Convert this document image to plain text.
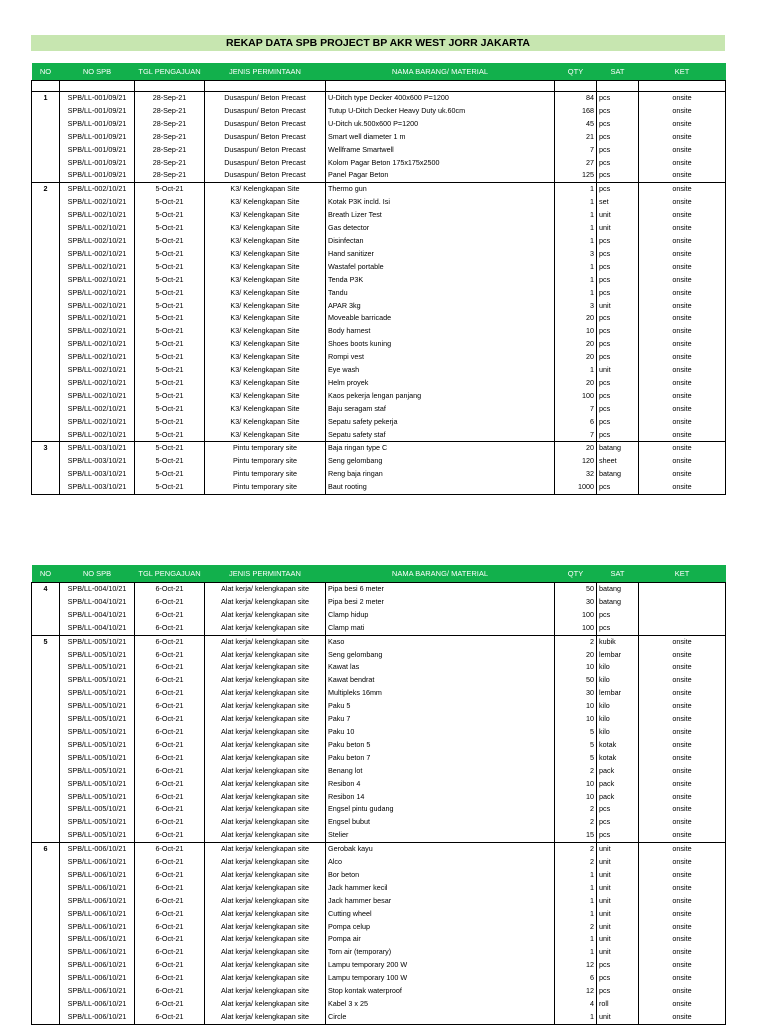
REKAP DATA SPB PROJECT BP AKR WEST JORR JAKARTA
NO	NO SPB	TGL PENGAJUAN	JENIS PERMINTAAN	NAMA BARANG/ MATERIAL	QTY	SAT	KET

1	SPB/LL-001/09/21	28-Sep-21	Dusaspun/ Beton Precast	U-Ditch type Decker 400x600 P=1200	84	pcs	onsite
	SPB/LL-001/09/21	28-Sep-21	Dusaspun/ Beton Precast	Tutup U-Ditch Decker Heavy Duty uk.60cm	168	pcs	onsite
	SPB/LL-001/09/21	28-Sep-21	Dusaspun/ Beton Precast	U-Ditch uk.500x600 P=1200	45	pcs	onsite
	SPB/LL-001/09/21	28-Sep-21	Dusaspun/ Beton Precast	Smart well diameter 1 m	21	pcs	onsite
	SPB/LL-001/09/21	28-Sep-21	Dusaspun/ Beton Precast	Wellframe Smartwell	7	pcs	onsite
	SPB/LL-001/09/21	28-Sep-21	Dusaspun/ Beton Precast	Kolom Pagar Beton 175x175x2500	27	pcs	onsite
	SPB/LL-001/09/21	28-Sep-21	Dusaspun/ Beton Precast	Panel Pagar Beton	125	pcs	onsite
2	SPB/LL-002/10/21	5-Oct-21	K3/ Kelengkapan Site	Thermo gun	1	pcs	onsite
	SPB/LL-002/10/21	5-Oct-21	K3/ Kelengkapan Site	Kotak P3K incld. Isi	1	set	onsite
	SPB/LL-002/10/21	5-Oct-21	K3/ Kelengkapan Site	Breath Lizer Test	1	unit	onsite
	SPB/LL-002/10/21	5-Oct-21	K3/ Kelengkapan Site	Gas detector	1	unit	onsite
	SPB/LL-002/10/21	5-Oct-21	K3/ Kelengkapan Site	Disinfectan	1	pcs	onsite
	SPB/LL-002/10/21	5-Oct-21	K3/ Kelengkapan Site	Hand sanitizer	3	pcs	onsite
	SPB/LL-002/10/21	5-Oct-21	K3/ Kelengkapan Site	Wastafel portable	1	pcs	onsite
	SPB/LL-002/10/21	5-Oct-21	K3/ Kelengkapan Site	Tenda P3K	1	pcs	onsite
	SPB/LL-002/10/21	5-Oct-21	K3/ Kelengkapan Site	Tandu	1	pcs	onsite
	SPB/LL-002/10/21	5-Oct-21	K3/ Kelengkapan Site	APAR 3kg	3	unit	onsite
	SPB/LL-002/10/21	5-Oct-21	K3/ Kelengkapan Site	Moveable barricade	20	pcs	onsite
	SPB/LL-002/10/21	5-Oct-21	K3/ Kelengkapan Site	Body harnest	10	pcs	onsite
	SPB/LL-002/10/21	5-Oct-21	K3/ Kelengkapan Site	Shoes boots kuning	20	pcs	onsite
	SPB/LL-002/10/21	5-Oct-21	K3/ Kelengkapan Site	Rompi vest	20	pcs	onsite
	SPB/LL-002/10/21	5-Oct-21	K3/ Kelengkapan Site	Eye wash	1	unit	onsite
	SPB/LL-002/10/21	5-Oct-21	K3/ Kelengkapan Site	Helm proyek	20	pcs	onsite
	SPB/LL-002/10/21	5-Oct-21	K3/ Kelengkapan Site	Kaos pekerja lengan panjang	100	pcs	onsite
	SPB/LL-002/10/21	5-Oct-21	K3/ Kelengkapan Site	Baju seragam staf	7	pcs	onsite
	SPB/LL-002/10/21	5-Oct-21	K3/ Kelengkapan Site	Sepatu safety pekerja	6	pcs	onsite
	SPB/LL-002/10/21	5-Oct-21	K3/ Kelengkapan Site	Sepatu safety staf	7	pcs	onsite
3	SPB/LL-003/10/21	5-Oct-21	Pintu temporary site	Baja ringan type C	20	batang	onsite
	SPB/LL-003/10/21	5-Oct-21	Pintu temporary site	Seng gelombang	120	sheet	onsite
	SPB/LL-003/10/21	5-Oct-21	Pintu temporary site	Reng baja ringan	32	batang	onsite
	SPB/LL-003/10/21	5-Oct-21	Pintu temporary site	Baut rooting	1000	pcs	onsite
NO	NO SPB	TGL PENGAJUAN	JENIS PERMINTAAN	NAMA BARANG/ MATERIAL	QTY	SAT	KET
4	SPB/LL-004/10/21	6-Oct-21	Alat kerja/ kelengkapan site	Pipa besi 6 meter	50	batang	
	SPB/LL-004/10/21	6-Oct-21	Alat kerja/ kelengkapan site	Pipa besi 2 meter	30	batang	
	SPB/LL-004/10/21	6-Oct-21	Alat kerja/ kelengkapan site	Clamp hidup	100	pcs	
	SPB/LL-004/10/21	6-Oct-21	Alat kerja/ kelengkapan site	Clamp mati	100	pcs	
5	SPB/LL-005/10/21	6-Oct-21	Alat kerja/ kelengkapan site	Kaso	2	kubik	onsite
	SPB/LL-005/10/21	6-Oct-21	Alat kerja/ kelengkapan site	Seng gelombang	20	lembar	onsite
	SPB/LL-005/10/21	6-Oct-21	Alat kerja/ kelengkapan site	Kawat las	10	kilo	onsite
	SPB/LL-005/10/21	6-Oct-21	Alat kerja/ kelengkapan site	Kawat bendrat	50	kilo	onsite
	SPB/LL-005/10/21	6-Oct-21	Alat kerja/ kelengkapan site	Multipleks 16mm	30	lembar	onsite
	SPB/LL-005/10/21	6-Oct-21	Alat kerja/ kelengkapan site	Paku 5	10	kilo	onsite
	SPB/LL-005/10/21	6-Oct-21	Alat kerja/ kelengkapan site	Paku 7	10	kilo	onsite
	SPB/LL-005/10/21	6-Oct-21	Alat kerja/ kelengkapan site	Paku 10	5	kilo	onsite
	SPB/LL-005/10/21	6-Oct-21	Alat kerja/ kelengkapan site	Paku beton 5	5	kotak	onsite
	SPB/LL-005/10/21	6-Oct-21	Alat kerja/ kelengkapan site	Paku beton 7	5	kotak	onsite
	SPB/LL-005/10/21	6-Oct-21	Alat kerja/ kelengkapan site	Benang lot	2	pack	onsite
	SPB/LL-005/10/21	6-Oct-21	Alat kerja/ kelengkapan site	Resibon 4	10	pack	onsite
	SPB/LL-005/10/21	6-Oct-21	Alat kerja/ kelengkapan site	Resibon 14	10	pack	onsite
	SPB/LL-005/10/21	6-Oct-21	Alat kerja/ kelengkapan site	Engsel pintu gudang	2	pcs	onsite
	SPB/LL-005/10/21	6-Oct-21	Alat kerja/ kelengkapan site	Engsel bubut	2	pcs	onsite
	SPB/LL-005/10/21	6-Oct-21	Alat kerja/ kelengkapan site	Stelier	15	pcs	onsite
6	SPB/LL-006/10/21	6-Oct-21	Alat kerja/ kelengkapan site	Gerobak kayu	2	unit	onsite
	SPB/LL-006/10/21	6-Oct-21	Alat kerja/ kelengkapan site	Alco	2	unit	onsite
	SPB/LL-006/10/21	6-Oct-21	Alat kerja/ kelengkapan site	Bor beton	1	unit	onsite
	SPB/LL-006/10/21	6-Oct-21	Alat kerja/ kelengkapan site	Jack hammer kecil	1	unit	onsite
	SPB/LL-006/10/21	6-Oct-21	Alat kerja/ kelengkapan site	Jack hammer besar	1	unit	onsite
	SPB/LL-006/10/21	6-Oct-21	Alat kerja/ kelengkapan site	Cutting wheel	1	unit	onsite
	SPB/LL-006/10/21	6-Oct-21	Alat kerja/ kelengkapan site	Pompa celup	2	unit	onsite
	SPB/LL-006/10/21	6-Oct-21	Alat kerja/ kelengkapan site	Pompa air	1	unit	onsite
	SPB/LL-006/10/21	6-Oct-21	Alat kerja/ kelengkapan site	Torn air (temporary)	1	unit	onsite
	SPB/LL-006/10/21	6-Oct-21	Alat kerja/ kelengkapan site	Lampu temporary 200 W	12	pcs	onsite
	SPB/LL-006/10/21	6-Oct-21	Alat kerja/ kelengkapan site	Lampu temporary 100 W	6	pcs	onsite
	SPB/LL-006/10/21	6-Oct-21	Alat kerja/ kelengkapan site	Stop kontak waterproof	12	pcs	onsite
	SPB/LL-006/10/21	6-Oct-21	Alat kerja/ kelengkapan site	Kabel 3 x 25	4	roll	onsite
	SPB/LL-006/10/21	6-Oct-21	Alat kerja/ kelengkapan site	Circle	1	unit	onsite
